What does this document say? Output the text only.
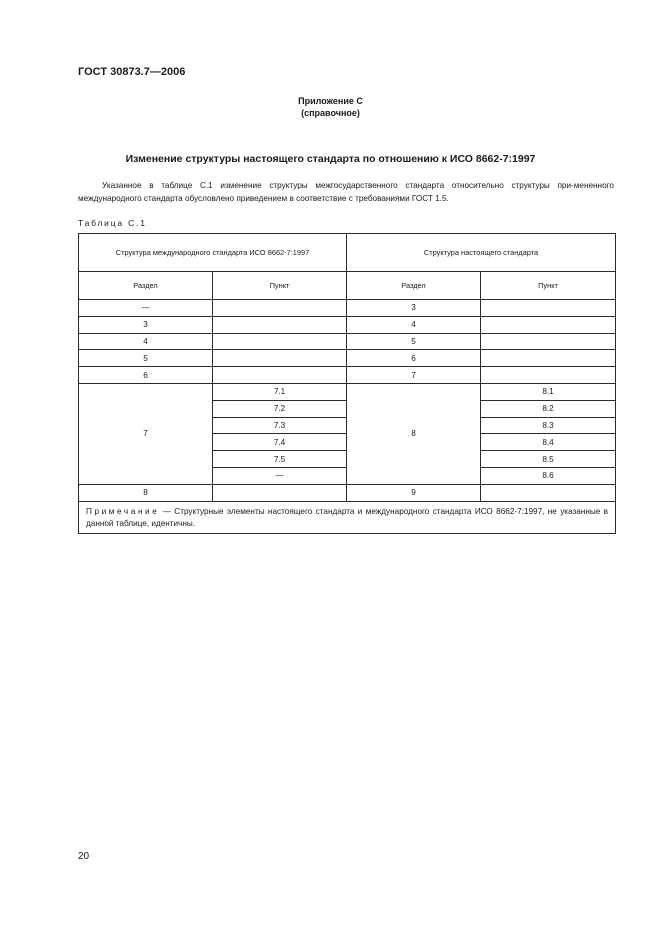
ГОСТ 30873.7—2006
Приложение С
(справочное)
Изменение структуры настоящего стандарта по отношению к ИСО 8662-7:1997
Указанное в таблице С.1 изменение структуры межгосударственного стандарта относительно структуры при-мененного международного стандарта обусловлено приведением в соответствие с требованиями ГОСТ 1.5.
Таблица С.1
Структура международного стандарта ИСО 8662-7:1997		Структура настоящего стандарта	
Раздел	Пункт	Раздел	Пункт
—		3	
3		4	
4		5	
5		6	
6		7	
7	7.1	8	8.1
	7.2		8.2
	7.3		8.3
	7.4		8.4
	7.5		8.5
	—		8.6
8		9	
Примечание — Структурные элементы настоящего стандарта и международного стандарта ИСО 8662-7:1997, не указанные в данной таблице, идентичны.			
20
